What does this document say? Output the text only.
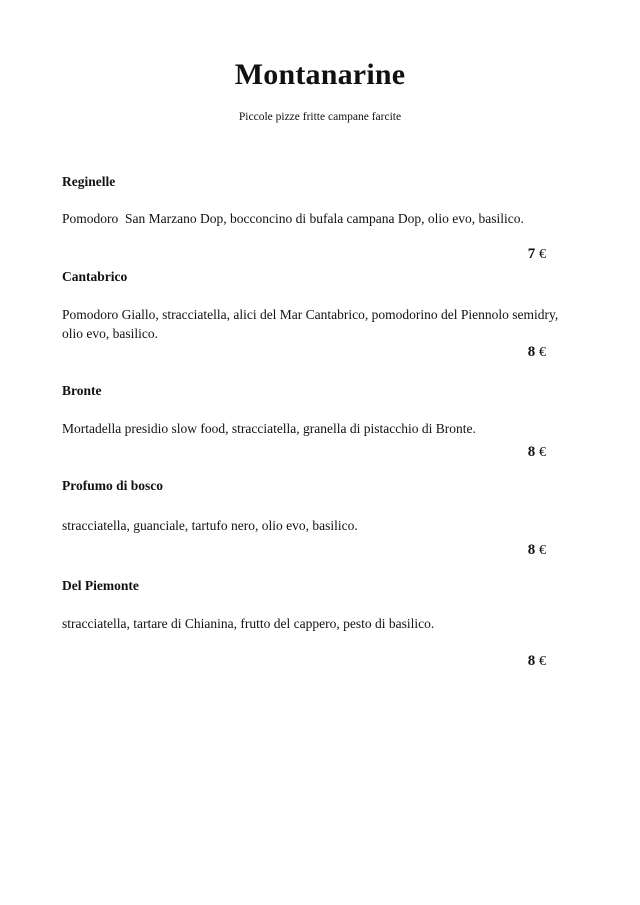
Montanarine

Piccole pizze fritte campane farcite

Reginelle

Pomodoro  San Marzano Dop, bocconcino di bufala campana Dop, olio evo, basilico.

7 €

Cantabrico

Pomodoro Giallo, stracciatella, alici del Mar Cantabrico, pomodorino del Piennolo semidry, olio evo, basilico.

8 €

Bronte

Mortadella presidio slow food, stracciatella, granella di pistacchio di Bronte.

8 €

Profumo di bosco

stracciatella, guanciale, tartufo nero, olio evo, basilico.

8 €

Del Piemonte

stracciatella, tartare di Chianina, frutto del cappero, pesto di basilico.

8 €
